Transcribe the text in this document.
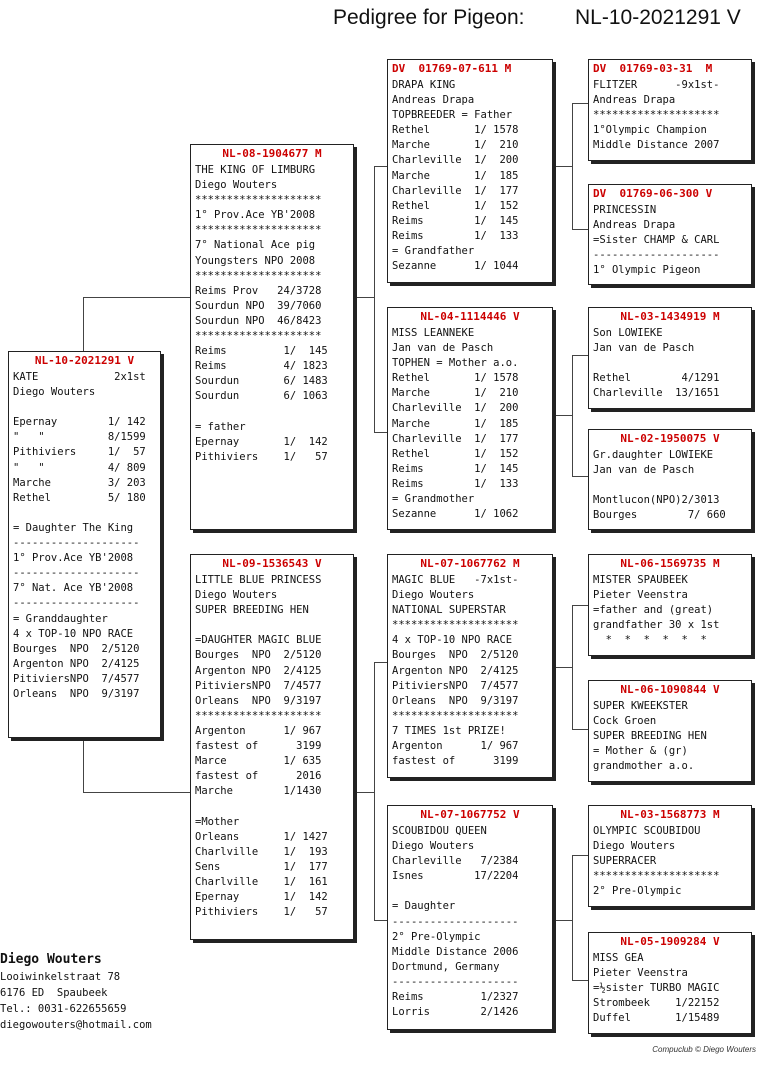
Pedigree for Pigeon: NL-10-2021291 V
NL-10-2021291 V
KATE            2x1st
Diego Wouters
Epernay        1/ 142
"   "          8/1599
Pithiviers     1/  57
"   "          4/ 809
Marche         3/ 203
Rethel         5/ 180
= Daughter The King
--------------------
1° Prov.Ace YB'2008
--------------------
7° Nat. Ace YB'2008
--------------------
= Granddaughter
4 x TOP-10 NPO RACE
Bourges  NPO  2/5120
Argenton NPO  2/4125
PitiviersNPO  7/4577
Orleans  NPO  9/3197
NL-08-1904677 M
THE KING OF LIMBURG
Diego Wouters
********************
1° Prov.Ace YB'2008
********************
7° National Ace pig
Youngsters NPO 2008
********************
Reims Prov   24/3728
Sourdun NPO  39/7060
Sourdun NPO  46/8423
********************
Reims         1/  145
Reims         4/ 1823
Sourdun       6/ 1483
Sourdun       6/ 1063
= father
Epernay       1/  142
Pithiviers    1/   57
NL-09-1536543 V
LITTLE BLUE PRINCESS
Diego Wouters
SUPER BREEDING HEN
=DAUGHTER MAGIC BLUE
Bourges  NPO  2/5120
Argenton NPO  2/4125
PitiviersNPO  7/4577
Orleans  NPO  9/3197
********************
Argenton      1/ 967
fastest of      3199
Marce         1/ 635
fastest of      2016
Marche        1/1430
=Mother
Orleans       1/ 1427
Charlville    1/  193
Sens          1/  177
Charlville    1/  161
Epernay       1/  142
Pithiviers    1/   57
DV  01769-07-611 M
DRAPA KING
Andreas Drapa
TOPBREEDER = Father
Rethel       1/ 1578
Marche       1/  210
Charleville  1/  200
Marche       1/  185
Charleville  1/  177
Rethel       1/  152
Reims        1/  145
Reims        1/  133
= Grandfather
Sezanne      1/ 1044
NL-04-1114446 V
MISS LEANNEKE
Jan van de Pasch
TOPHEN = Mother a.o.
Rethel       1/ 1578
Marche       1/  210
Charleville  1/  200
Marche       1/  185
Charleville  1/  177
Rethel       1/  152
Reims        1/  145
Reims        1/  133
= Grandmother
Sezanne      1/ 1062
NL-07-1067762 M
MAGIC BLUE   -7x1st-
Diego Wouters
NATIONAL SUPERSTAR
********************
4 x TOP-10 NPO RACE
Bourges  NPO  2/5120
Argenton NPO  2/4125
PitiviersNPO  7/4577
Orleans  NPO  9/3197
********************
7 TIMES 1st PRIZE!
Argenton      1/ 967
fastest of      3199
NL-07-1067752 V
SCOUBIDOU QUEEN
Diego Wouters
Charleville   7/2384
Isnes        17/2204
= Daughter
--------------------
2° Pre-Olympic
Middle Distance 2006
Dortmund, Germany
--------------------
Reims         1/2327
Lorris        2/1426
DV  01769-03-31  M
FLITZER      -9x1st-
Andreas Drapa
********************
1°Olympic Champion
Middle Distance 2007
DV  01769-06-300 V
PRINCESSIN
Andreas Drapa
=Sister CHAMP & CARL
--------------------
1° Olympic Pigeon
NL-03-1434919 M
Son LOWIEKE
Jan van de Pasch
Rethel        4/1291
Charleville  13/1651
NL-02-1950075 V
Gr.daughter LOWIEKE
Jan van de Pasch
Montlucon(NPO)2/3013
Bourges        7/ 660
NL-06-1569735 M
MISTER SPAUBEEK
Pieter Veenstra
=father and (great)
grandfather 30 x 1st
*  *  *  *  *  *
NL-06-1090844 V
SUPER KWEEKSTER
Cock Groen
SUPER BREEDING HEN
= Mother & (gr)
grandmother a.o.
NL-03-1568773 M
OLYMPIC SCOUBIDOU
Diego Wouters
SUPERRACER
********************
2° Pre-Olympic
NL-05-1909284 V
MISS GEA
Pieter Veenstra
=½sister TURBO MAGIC
Strombeek    1/22152
Duffel       1/15489
Diego Wouters
Looiwinkelstraat 78
6176 ED  Spaubeek
Tel.: 0031-622655659
diegowouters@hotmail.com
Compuclub © Diego Wouters
